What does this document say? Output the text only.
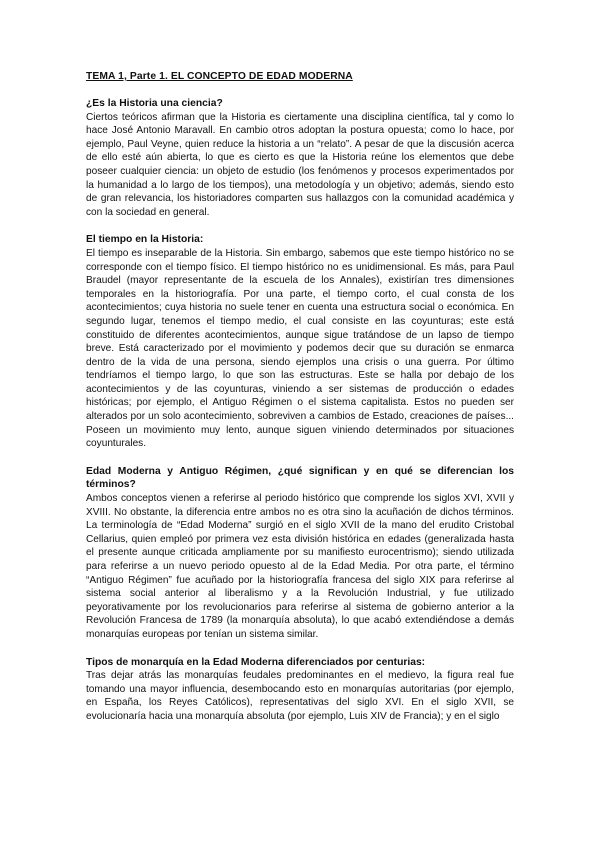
TEMA 1, Parte 1. EL CONCEPTO DE EDAD MODERNA
¿Es la Historia una ciencia?

Ciertos teóricos afirman que la Historia es ciertamente una disciplina científica, tal y como lo hace José Antonio Maravall. En cambio otros adoptan la postura opuesta; como lo hace, por ejemplo, Paul Veyne, quien reduce la historia a un “relato”. A pesar de que la discusión acerca de ello esté aún abierta, lo que es cierto es que la Historia reúne los elementos que debe poseer cualquier ciencia: un objeto de estudio (los fenómenos y procesos experimentados por la humanidad a lo largo de los tiempos), una metodología y un objetivo; además, siendo esto de gran relevancia, los historiadores comparten sus hallazgos con la comunidad académica y con la sociedad en general.

El tiempo en la Historia:

El tiempo es inseparable de la Historia. Sin embargo, sabemos que este tiempo histórico no se corresponde con el tiempo físico. El tiempo histórico no es unidimensional. Es más, para Paul Braudel (mayor representante de la escuela de los Annales), existirían tres dimensiones temporales en la historiografía. Por una parte, el tiempo corto, el cual consta de los acontecimientos; cuya historia no suele tener en cuenta una estructura social o económica. En segundo lugar, tenemos el tiempo medio, el cual consiste en las coyunturas; este está constituido de diferentes acontecimientos, aunque sigue tratándose de un lapso de tiempo breve. Está caracterizado por el movimiento y podemos decir que su duración se enmarca dentro de la vida de una persona, siendo ejemplos una crisis o una guerra. Por último tendríamos el tiempo largo, lo que son las estructuras. Este se halla por debajo de los acontecimientos y de las coyunturas, viniendo a ser sistemas de producción o edades históricas; por ejemplo, el Antiguo Régimen o el sistema capitalista. Estos no pueden ser alterados por un solo acontecimiento, sobreviven a cambios de Estado, creaciones de países... Poseen un movimiento muy lento, aunque siguen viniendo determinados por situaciones coyunturales.

Edad Moderna y Antiguo Régimen, ¿qué significan y en qué se diferencian los términos?

Ambos conceptos vienen a referirse al periodo histórico que comprende los siglos XVI, XVII y XVIII. No obstante, la diferencia entre ambos no es otra sino la acuñación de dichos términos. La terminología de “Edad Moderna” surgió en el siglo XVII de la mano del erudito Cristobal Cellarius, quien empleó por primera vez esta división histórica en edades (generalizada hasta el presente aunque criticada ampliamente por su manifiesto eurocentrismo); siendo utilizada para referirse a un nuevo periodo opuesto al de la Edad Media. Por otra parte, el término “Antiguo Régimen” fue acuñado por la historiografía francesa del siglo XIX para referirse al sistema social anterior al liberalismo y a la Revolución Industrial, y fue utilizado peyorativamente por los revolucionarios para referirse al sistema de gobierno anterior a la Revolución Francesa de 1789 (la monarquía absoluta), lo que acabó extendiéndose a demás monarquías europeas por tenían un sistema similar.

Tipos de monarquía en la Edad Moderna diferenciados por centurias:

Tras dejar atrás las monarquías feudales predominantes en el medievo, la figura real fue tomando una mayor influencia, desembocando esto en monarquías autoritarias (por ejemplo, en España, los Reyes Católicos), representativas del siglo XVI. En el siglo XVII, se evolucionaría hacia una monarquía absoluta (por ejemplo, Luis XIV de Francia); y en el siglo
